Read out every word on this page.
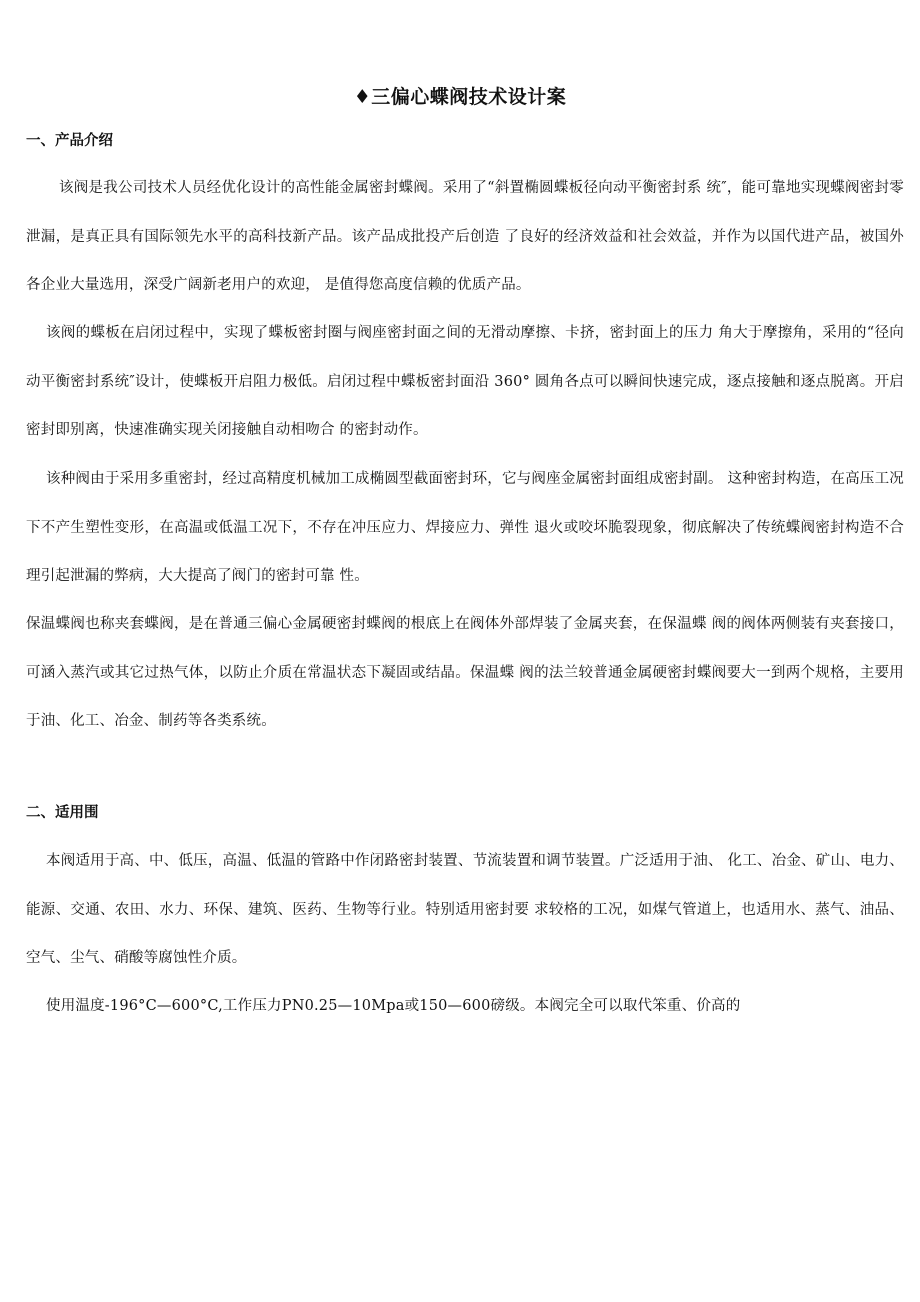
♦三偏心蝶阀技术设计案
一、产品介绍

该阀是我公司技术人员经优化设计的高性能金属密封蝶阀。采用了“斜置椭圆蝶板径向动平衡密封系 统″，能可靠地实现蝶阀密封零泄漏，是真正具有国际领先水平的高科技新产品。该产品成批投产后创造 了良好的经济效益和社会效益，并作为以国代进产品，被国外各企业大量选用，深受广阔新老用户的欢迎， 是值得您高度信赖的优质产品。

该阀的蝶板在启闭过程中，实现了蝶板密封圈与阀座密封面之间的无滑动摩擦、卡挤，密封面上的压力 角大于摩擦角，采用的“径向动平衡密封系统″设计，使蝶板开启阻力极低。启闭过程中蝶板密封面沿 360° 圆角各点可以瞬间快速完成，逐点接触和逐点脱离。开启密封即别离，快速准确实现关闭接触自动相吻合 的密封动作。

该种阀由于采用多重密封，经过高精度机械加工成椭圆型截面密封环，它与阀座金属密封面组成密封副。 这种密封构造，在高压工况下不产生塑性变形，在高温或低温工况下，不存在冲压应力、焊接应力、弹性 退火或咬坏脆裂现象，彻底解决了传统蝶阀密封构造不合理引起泄漏的弊病，大大提高了阀门的密封可靠 性。

保温蝶阀也称夹套蝶阀，是在普通三偏心金属硬密封蝶阀的根底上在阀体外部焊装了金属夹套，在保温蝶 阀的阀体两侧装有夹套接口，可涵入蒸汽或其它过热气体，以防止介质在常温状态下凝固或结晶。保温蝶 阀的法兰较普通金属硬密封蝶阀要大一到两个规格，主要用于油、化工、冶金、制药等各类系统。

二、适用围

本阀适用于高、中、低压，高温、低温的管路中作闭路密封装置、节流装置和调节装置。广泛适用于油、 化工、冶金、矿山、电力、能源、交通、农田、水力、环保、建筑、医药、生物等行业。特别适用密封要 求较格的工况，如煤气管道上，也适用水、蒸气、油品、空气、尘气、硝酸等腐蚀性介质。

使用温度-196°C—600°C,工作压力PN0.25—10Mpa或150—600磅级。本阀完全可以取代笨重、价高的
